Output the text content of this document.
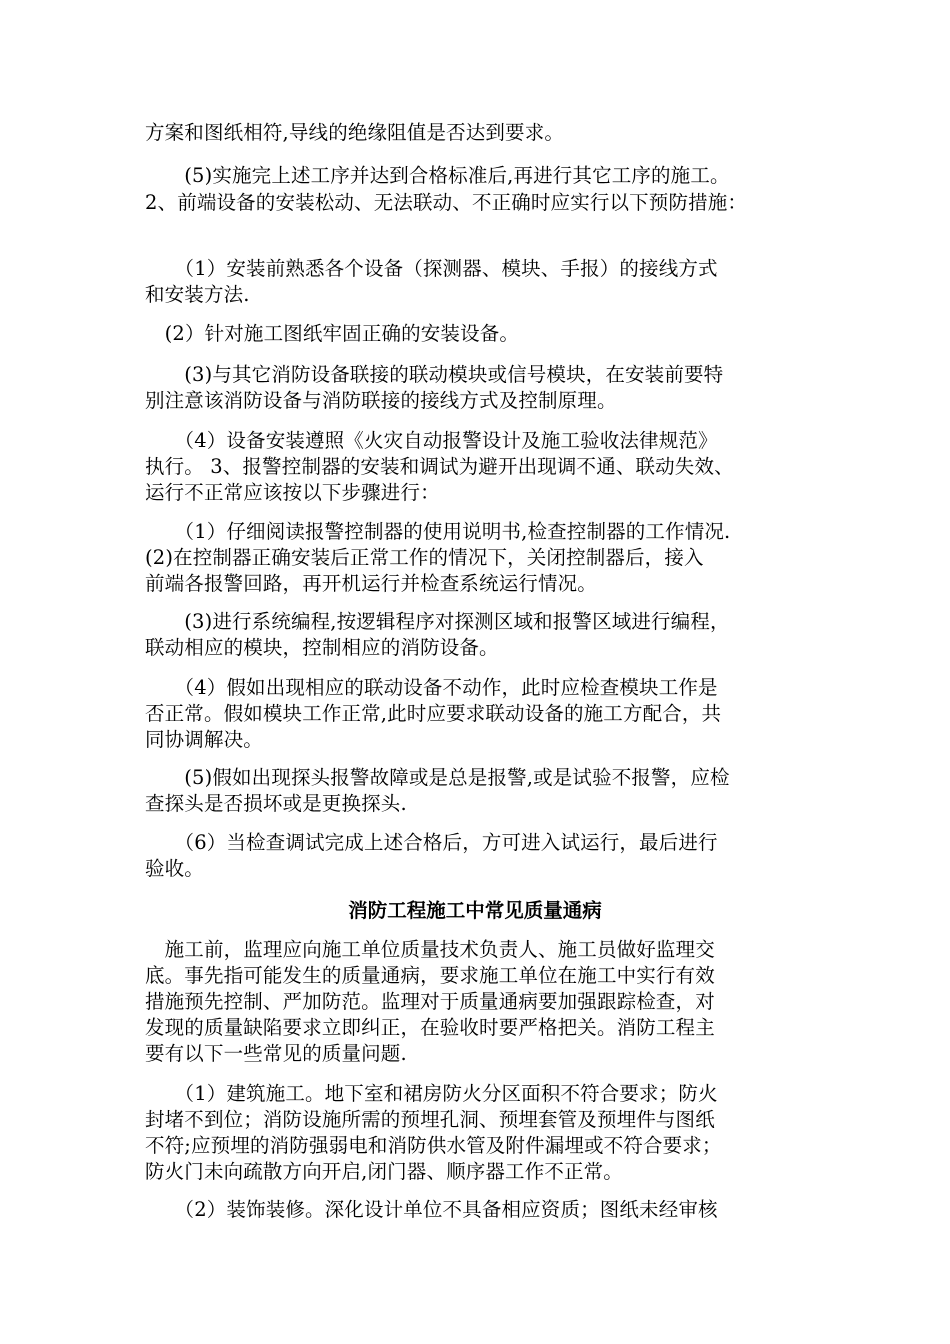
方案和图纸相符,导线的绝缘阻值是否达到要求。
　　(5)实施完上述工序并达到合格标准后,再进行其它工序的施工。
2、前端设备的安装松动、无法联动、不正确时应实行以下预防措施：
　　（1）安装前熟悉各个设备（探测器、模块、手报）的接线方式
和安装方法.
　(2）针对施工图纸牢固正确的安装设备。
　　(3)与其它消防设备联接的联动模块或信号模块，在安装前要特
别注意该消防设备与消防联接的接线方式及控制原理。
　　（4）设备安装遵照《火灾自动报警设计及施工验收法律规范》
执行。 3、报警控制器的安装和调试为避开出现调不通、联动失效、
运行不正常应该按以下步骤进行：
　　（1）仔细阅读报警控制器的使用说明书,检查控制器的工作情况.
(2)在控制器正确安装后正常工作的情况下，关闭控制器后，接入
前端各报警回路，再开机运行并检查系统运行情况。
　　(3)进行系统编程,按逻辑程序对探测区域和报警区域进行编程，
联动相应的模块，控制相应的消防设备。
　　（4）假如出现相应的联动设备不动作，此时应检查模块工作是
否正常。假如模块工作正常,此时应要求联动设备的施工方配合，共
同协调解决。
　　(5)假如出现探头报警故障或是总是报警,或是试验不报警，应检
查探头是否损坏或是更换探头.
　　（6）当检查调试完成上述合格后，方可进入试运行，最后进行
验收。
消防工程施工中常见质量通病
　施工前，监理应向施工单位质量技术负责人、施工员做好监理交
底。事先指可能发生的质量通病，要求施工单位在施工中实行有效
措施预先控制、严加防范。监理对于质量通病要加强跟踪检查，对
发现的质量缺陷要求立即纠正，在验收时要严格把关。消防工程主
要有以下一些常见的质量问题.
　　（1）建筑施工。地下室和裙房防火分区面积不符合要求；防火
封堵不到位；消防设施所需的预埋孔洞、预埋套管及预埋件与图纸
不符;应预埋的消防强弱电和消防供水管及附件漏埋或不符合要求；
防火门未向疏散方向开启,闭门器、顺序器工作不正常。
　　（2）装饰装修。深化设计单位不具备相应资质；图纸未经审核
